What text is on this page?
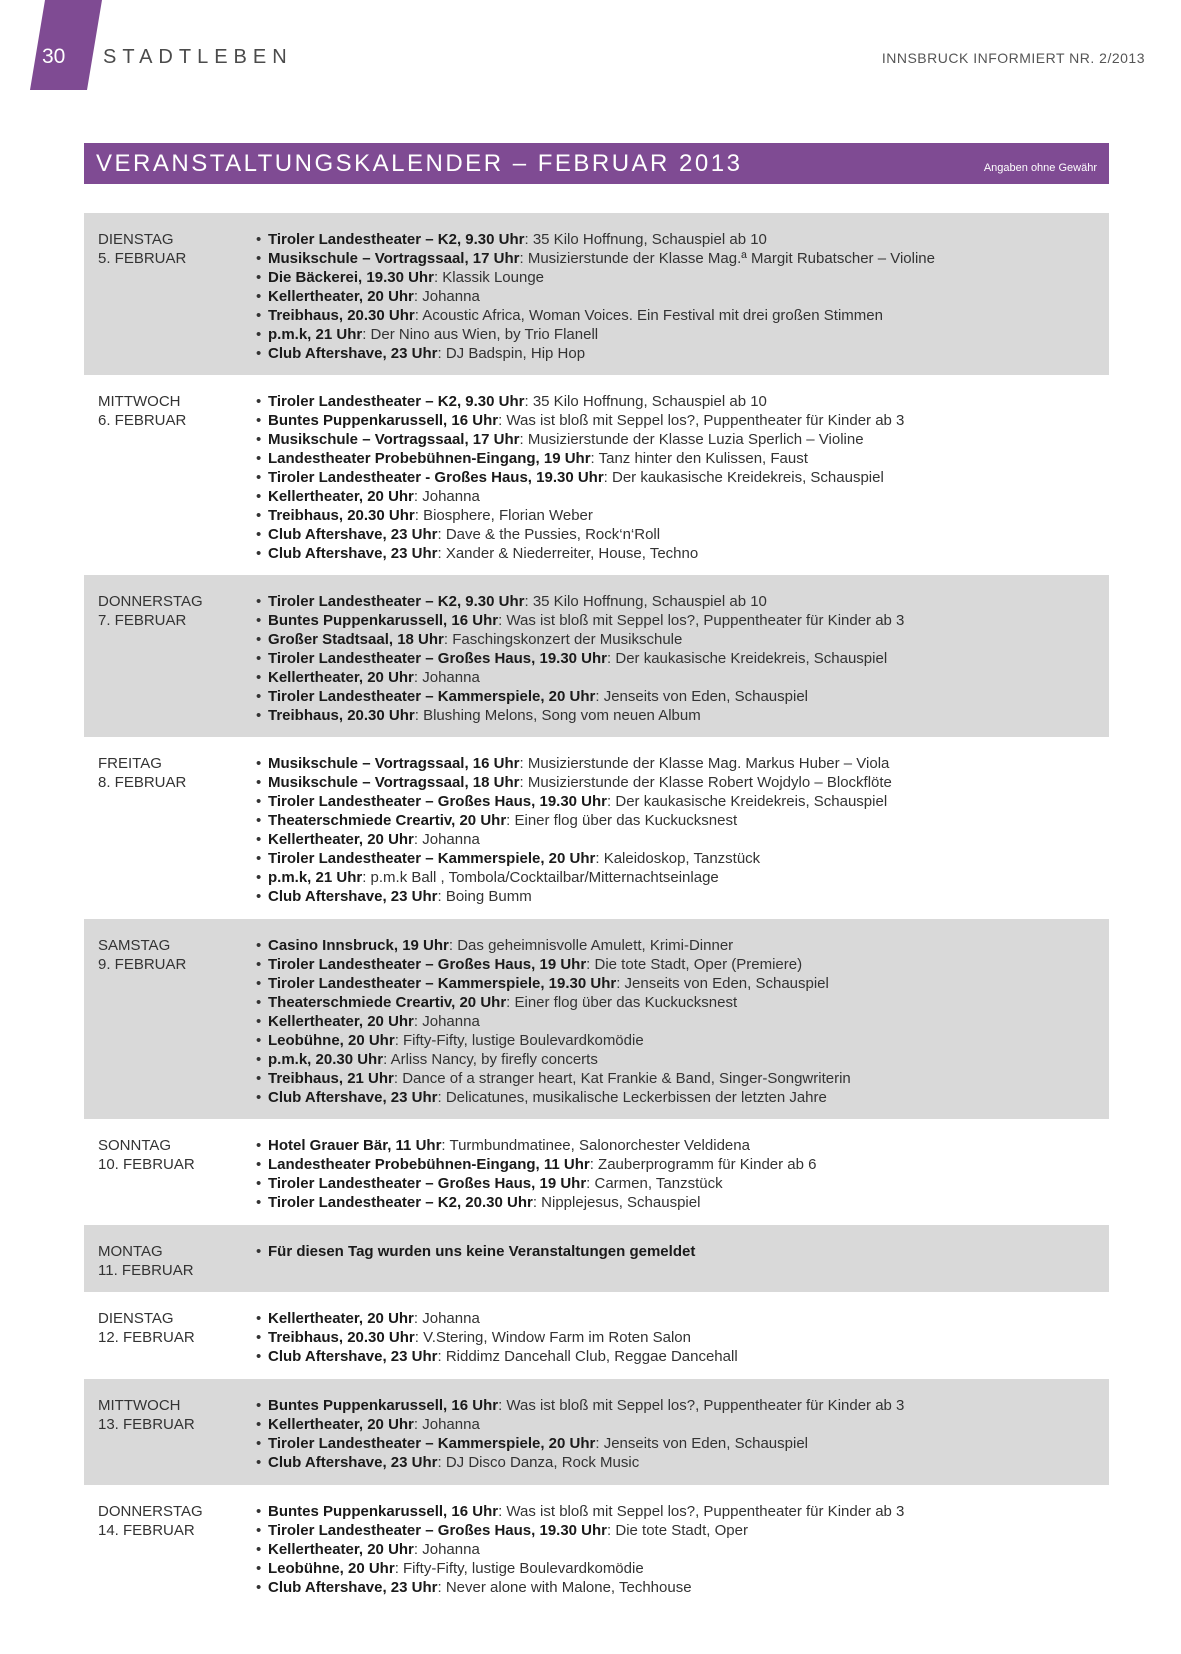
30 STADTLEBEN	INNSBRUCK INFORMIERT NR. 2/2013
VERANSTALTUNGSKALENDER – FEBRUAR 2013	Angaben ohne Gewähr
DIENSTAG
5. FEBRUAR
• Tiroler Landestheater – K2, 9.30 Uhr: 35 Kilo Hoffnung, Schauspiel ab 10
• Musikschule – Vortragssaal, 17 Uhr: Musizierstunde der Klasse Mag.ª Margit Rubatscher – Violine
• Die Bäckerei, 19.30 Uhr: Klassik Lounge
• Kellertheater, 20 Uhr: Johanna
• Treibhaus, 20.30 Uhr: Acoustic Africa, Woman Voices. Ein Festival mit drei großen Stimmen
• p.m.k, 21 Uhr: Der Nino aus Wien, by Trio Flanell
• Club Aftershave, 23 Uhr: DJ Badspin, Hip Hop
MITTWOCH
6. FEBRUAR
• Tiroler Landestheater – K2, 9.30 Uhr: 35 Kilo Hoffnung, Schauspiel ab 10
• Buntes Puppenkarussell, 16 Uhr: Was ist bloß mit Seppel los?, Puppentheater für Kinder ab 3
• Musikschule – Vortragssaal, 17 Uhr: Musizierstunde der Klasse Luzia Sperlich – Violine
• Landestheater Probebühnen-Eingang, 19 Uhr: Tanz hinter den Kulissen, Faust
• Tiroler Landestheater - Großes Haus, 19.30 Uhr: Der kaukasische Kreidekreis, Schauspiel
• Kellertheater, 20 Uhr: Johanna
• Treibhaus, 20.30 Uhr: Biosphere, Florian Weber
• Club Aftershave, 23 Uhr: Dave & the Pussies, Rock‘n‘Roll
• Club Aftershave, 23 Uhr: Xander & Niederreiter, House, Techno
DONNERSTAG
7. FEBRUAR
• Tiroler Landestheater – K2, 9.30 Uhr: 35 Kilo Hoffnung, Schauspiel ab 10
• Buntes Puppenkarussell, 16 Uhr: Was ist bloß mit Seppel los?, Puppentheater für Kinder ab 3
• Großer Stadtsaal, 18 Uhr: Faschingskonzert der Musikschule
• Tiroler Landestheater – Großes Haus, 19.30 Uhr: Der kaukasische Kreidekreis, Schauspiel
• Kellertheater, 20 Uhr: Johanna
• Tiroler Landestheater – Kammerspiele, 20 Uhr: Jenseits von Eden, Schauspiel
• Treibhaus, 20.30 Uhr: Blushing Melons, Song vom neuen Album
FREITAG
8. FEBRUAR
• Musikschule – Vortragssaal, 16 Uhr: Musizierstunde der Klasse Mag. Markus Huber – Viola
• Musikschule – Vortragssaal, 18 Uhr: Musizierstunde der Klasse Robert Wojdylo – Blockflöte
• Tiroler Landestheater – Großes Haus, 19.30 Uhr: Der kaukasische Kreidekreis, Schauspiel
• Theaterschmiede Creartiv, 20 Uhr: Einer flog über das Kuckucksnest
• Kellertheater, 20 Uhr: Johanna
• Tiroler Landestheater – Kammerspiele, 20 Uhr: Kaleidoskop, Tanzstück
• p.m.k, 21 Uhr: p.m.k Ball , Tombola/Cocktailbar/Mitternachtseinlage
• Club Aftershave, 23 Uhr: Boing Bumm
SAMSTAG
9. FEBRUAR
• Casino Innsbruck, 19 Uhr: Das geheimnisvolle Amulett, Krimi-Dinner
• Tiroler Landestheater – Großes Haus, 19 Uhr: Die tote Stadt, Oper (Premiere)
• Tiroler Landestheater – Kammerspiele, 19.30 Uhr: Jenseits von Eden, Schauspiel
• Theaterschmiede Creartiv, 20 Uhr: Einer flog über das Kuckucksnest
• Kellertheater, 20 Uhr: Johanna
• Leobühne, 20 Uhr: Fifty-Fifty, lustige Boulevardkomödie
• p.m.k, 20.30 Uhr: Arliss Nancy, by firefly concerts
• Treibhaus, 21 Uhr: Dance of a stranger heart, Kat Frankie & Band, Singer-Songwriterin
• Club Aftershave, 23 Uhr: Delicatunes, musikalische Leckerbissen der letzten Jahre
SONNTAG
10. FEBRUAR
• Hotel Grauer Bär, 11 Uhr: Turmbundmatinee, Salonorchester Veldidena
• Landestheater Probebühnen-Eingang, 11 Uhr: Zauberprogramm für Kinder ab 6
• Tiroler Landestheater – Großes Haus, 19 Uhr: Carmen, Tanzstück
• Tiroler Landestheater – K2, 20.30 Uhr: Nipplejesus, Schauspiel
MONTAG
11. FEBRUAR
• Für diesen Tag wurden uns keine Veranstaltungen gemeldet
DIENSTAG
12. FEBRUAR
• Kellertheater, 20 Uhr: Johanna
• Treibhaus, 20.30 Uhr: V.Stering, Window Farm im Roten Salon
• Club Aftershave, 23 Uhr: Riddimz Dancehall Club, Reggae Dancehall
MITTWOCH
13. FEBRUAR
• Buntes Puppenkarussell, 16 Uhr: Was ist bloß mit Seppel los?, Puppentheater für Kinder ab 3
• Kellertheater, 20 Uhr: Johanna
• Tiroler Landestheater – Kammerspiele, 20 Uhr: Jenseits von Eden, Schauspiel
• Club Aftershave, 23 Uhr: DJ Disco Danza, Rock Music
DONNERSTAG
14. FEBRUAR
• Buntes Puppenkarussell, 16 Uhr: Was ist bloß mit Seppel los?, Puppentheater für Kinder ab 3
• Tiroler Landestheater – Großes Haus, 19.30 Uhr: Die tote Stadt, Oper
• Kellertheater, 20 Uhr: Johanna
• Leobühne, 20 Uhr: Fifty-Fifty, lustige Boulevardkomödie
• Club Aftershave, 23 Uhr: Never alone with Malone, Techhouse
